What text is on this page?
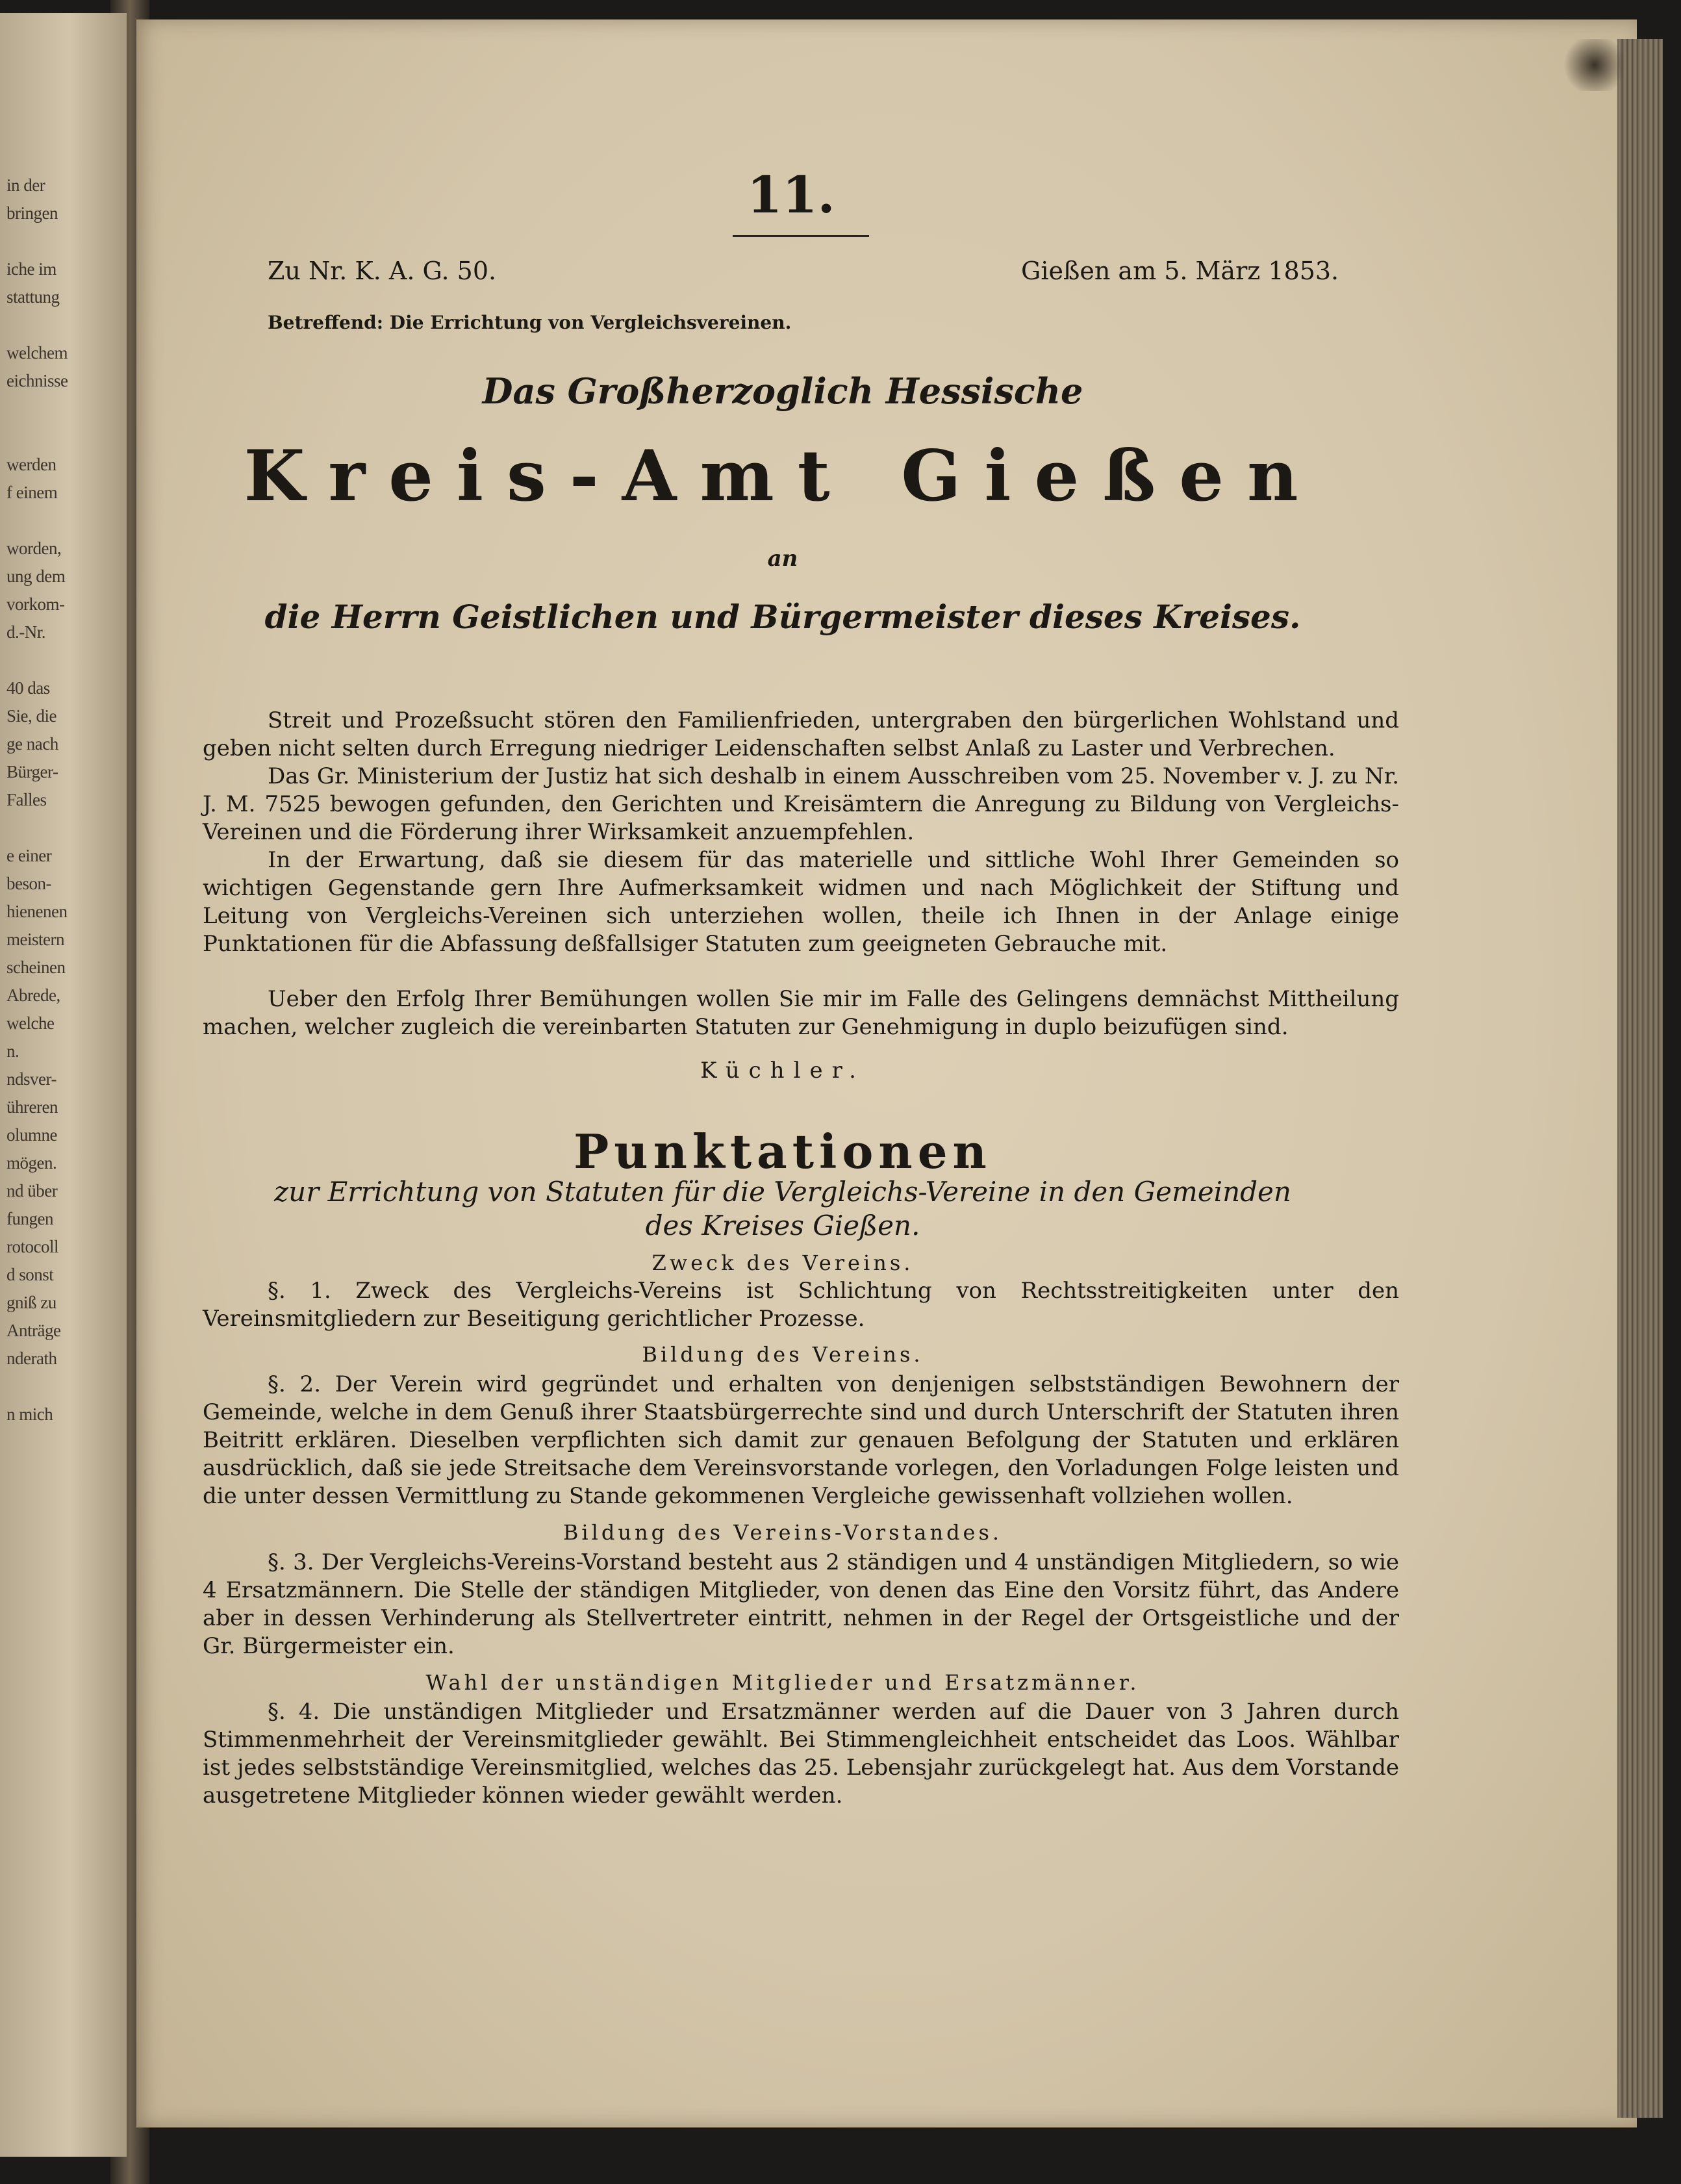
in der
bringen
iche im
stattung
welchem
eichnisse
werden
f einem
worden,
ung dem
vorkom-
d.-Nr.
40 das
Sie, die
ge nach
Bürger-
Falles
e einer
beson-
hienenen
meistern
scheinen
Abrede,
welche
n.
ndsver-
ühreren
olumne
mögen.
nd über
fungen
rotocoll
d sonst
gniß zu
Anträge
nderath
n mich
11.
Zu Nr. K. A. G. 50.	Gießen am 5. März 1853.
Betreffend: Die Errichtung von Vergleichsvereinen.
Das Großherzoglich Hessische
Kreis-Amt Gießen
an
die Herrn Geistlichen und Bürgermeister dieses Kreises.
Streit und Prozeßsucht stören den Familienfrieden, untergraben den bürgerlichen Wohlstand und geben nicht selten durch Erregung niedriger Leidenschaften selbst Anlaß zu Laster und Verbrechen.
Das Gr. Ministerium der Justiz hat sich deshalb in einem Ausschreiben vom 25. November v. J. zu Nr. J. M. 7525 bewogen gefunden, den Gerichten und Kreisämtern die Anregung zu Bildung von Vergleichs-Vereinen und die Förderung ihrer Wirksamkeit anzuempfehlen.
In der Erwartung, daß sie diesem für das materielle und sittliche Wohl Ihrer Gemeinden so wichtigen Gegenstande gern Ihre Aufmerksamkeit widmen und nach Möglichkeit der Stiftung und Leitung von Vergleichs-Vereinen sich unterziehen wollen, theile ich Ihnen in der Anlage einige Punktationen für die Abfassung deßfallsiger Statuten zum geeigneten Gebrauche mit.
Ueber den Erfolg Ihrer Bemühungen wollen Sie mir im Falle des Gelingens demnächst Mittheilung machen, welcher zugleich die vereinbarten Statuten zur Genehmigung in duplo beizufügen sind.
Küchler.
Punktationen
zur Errichtung von Statuten für die Vergleichs-Vereine in den Gemeinden
des Kreises Gießen.
Zweck des Vereins.
§. 1. Zweck des Vergleichs-Vereins ist Schlichtung von Rechtsstreitigkeiten unter den Vereinsmitgliedern zur Beseitigung gerichtlicher Prozesse.
Bildung des Vereins.
§. 2. Der Verein wird gegründet und erhalten von denjenigen selbstständigen Bewohnern der Gemeinde, welche in dem Genuß ihrer Staatsbürgerrechte sind und durch Unterschrift der Statuten ihren Beitritt erklären. Dieselben verpflichten sich damit zur genauen Befolgung der Statuten und erklären ausdrücklich, daß sie jede Streitsache dem Vereinsvorstande vorlegen, den Vorladungen Folge leisten und die unter dessen Vermittlung zu Stande gekommenen Vergleiche gewissenhaft vollziehen wollen.
Bildung des Vereins-Vorstandes.
§. 3. Der Vergleichs-Vereins-Vorstand besteht aus 2 ständigen und 4 unständigen Mitgliedern, so wie 4 Ersatzmännern. Die Stelle der ständigen Mitglieder, von denen das Eine den Vorsitz führt, das Andere aber in dessen Verhinderung als Stellvertreter eintritt, nehmen in der Regel der Ortsgeistliche und der Gr. Bürgermeister ein.
Wahl der unständigen Mitglieder und Ersatzmänner.
§. 4. Die unständigen Mitglieder und Ersatzmänner werden auf die Dauer von 3 Jahren durch Stimmenmehrheit der Vereinsmitglieder gewählt. Bei Stimmengleichheit entscheidet das Loos. Wählbar ist jedes selbstständige Vereinsmitglied, welches das 25. Lebensjahr zurückgelegt hat. Aus dem Vorstande ausgetretene Mitglieder können wieder gewählt werden.
